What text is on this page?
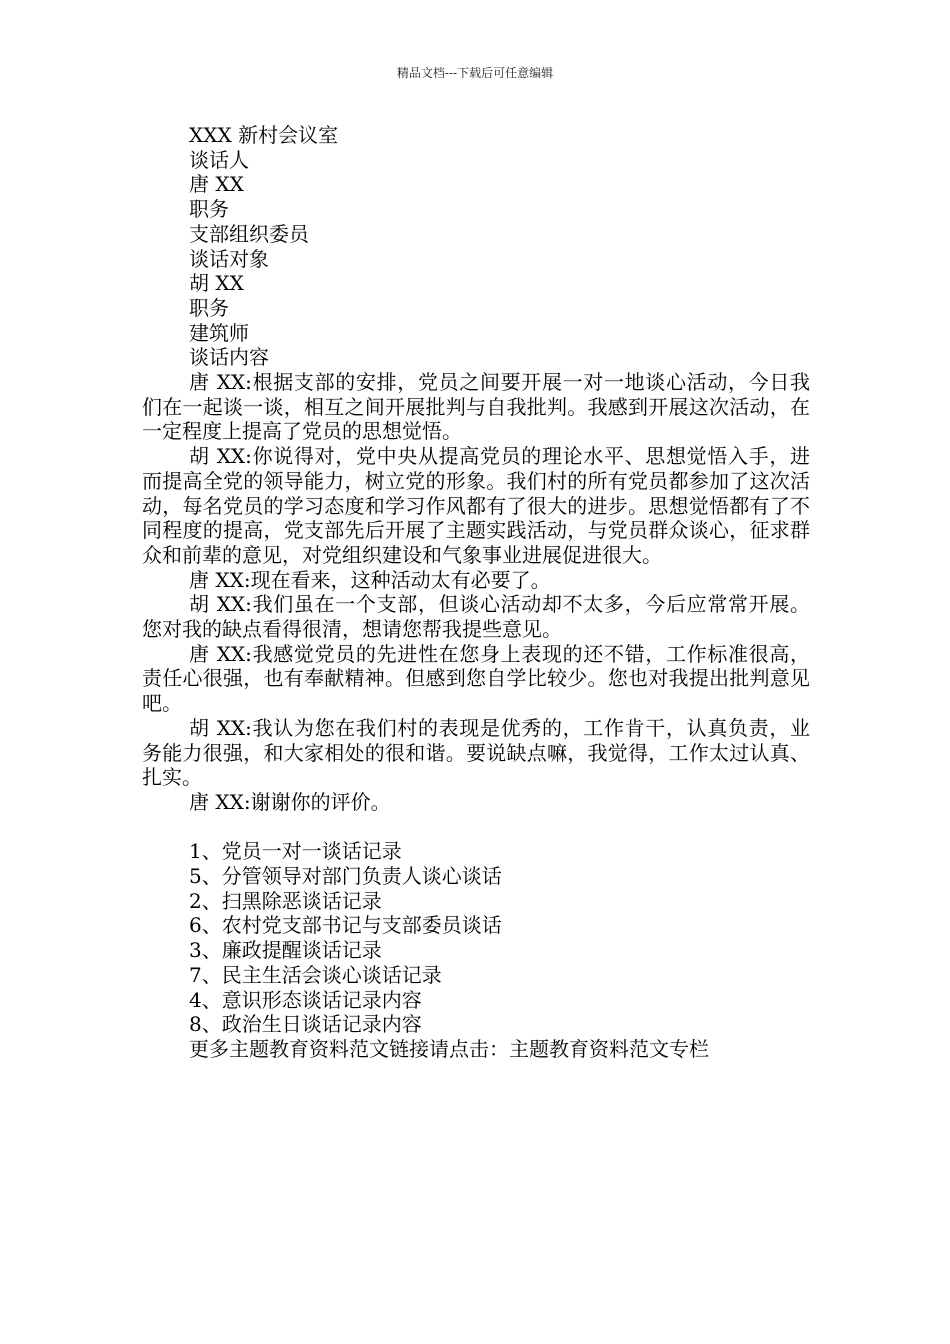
精品文档---下载后可任意编辑

XXX 新村会议室

谈话人

唐 XX

职务

支部组织委员

谈话对象

胡 XX

职务

建筑师

谈话内容

唐 XX:根据支部的安排，党员之间要开展一对一地谈心活动，今日我们在一起谈一谈，相互之间开展批判与自我批判。我感到开展这次活动，在一定程度上提高了党员的思想觉悟。

胡 XX:你说得对，党中央从提高党员的理论水平、思想觉悟入手，进而提高全党的领导能力，树立党的形象。我们村的所有党员都参加了这次活动，每名党员的学习态度和学习作风都有了很大的进步。思想觉悟都有了不同程度的提高，党支部先后开展了主题实践活动，与党员群众谈心，征求群众和前辈的意见，对党组织建设和气象事业进展促进很大。

唐 XX:现在看来，这种活动太有必要了。

胡 XX:我们虽在一个支部，但谈心活动却不太多，今后应常常开展。您对我的缺点看得很清，想请您帮我提些意见。

唐 XX:我感觉党员的先进性在您身上表现的还不错，工作标准很高，责任心很强，也有奉献精神。但感到您自学比较少。您也对我提出批判意见吧。

胡 XX:我认为您在我们村的表现是优秀的，工作肯干，认真负责，业务能力很强，和大家相处的很和谐。要说缺点嘛，我觉得，工作太过认真、扎实。

唐 XX:谢谢你的评价。

1、党员一对一谈话记录

5、分管领导对部门负责人谈心谈话

2、扫黑除恶谈话记录

6、农村党支部书记与支部委员谈话

3、廉政提醒谈话记录

7、民主生活会谈心谈话记录

4、意识形态谈话记录内容

8、政治生日谈话记录内容

更多主题教育资料范文链接请点击：主题教育资料范文专栏
